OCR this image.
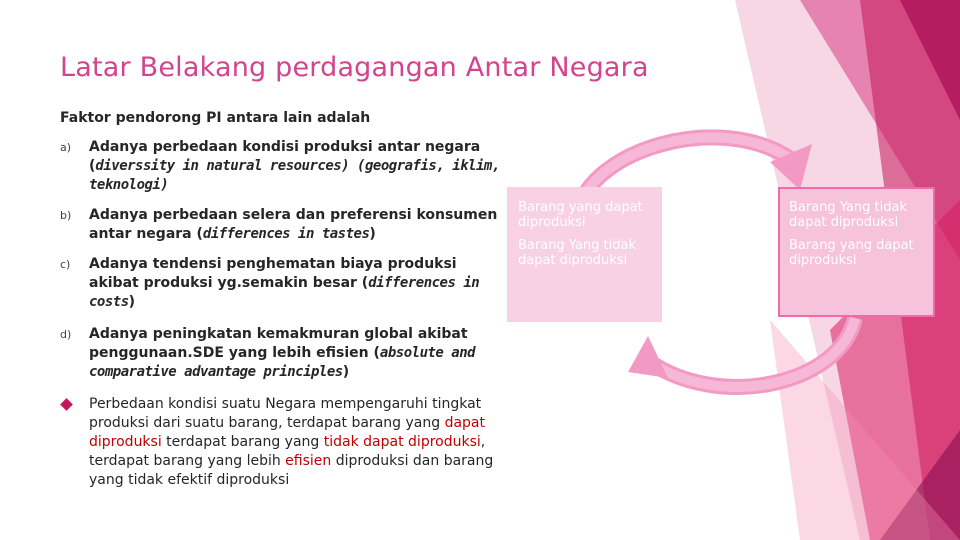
Latar Belakang perdagangan Antar Negara
Faktor pendorong PI antara lain adalah
a) Adanya perbedaan kondisi produksi antar negara (diverssity in natural resources) (geografis, iklim, teknologi)
b) Adanya perbedaan selera dan preferensi konsumen antar negara (differences in tastes)
c) Adanya tendensi penghematan biaya produksi akibat produksi yg.semakin besar (differences in costs)
d) Adanya peningkatan kemakmuran global akibat penggunaan.SDE yang lebih efisien (absolute and comparative advantage principles)
Perbedaan kondisi suatu Negara mempengaruhi tingkat produksi dari suatu barang, terdapat barang yang dapat diproduksi terdapat barang yang tidak dapat diproduksi, terdapat barang yang lebih efisien diproduksi dan barang yang tidak efektif diproduksi
Barang yang dapat diproduksi
Barang Yang tidak dapat diproduksi
Barang Yang tidak dapat diproduksi
Barang yang dapat diproduksi
